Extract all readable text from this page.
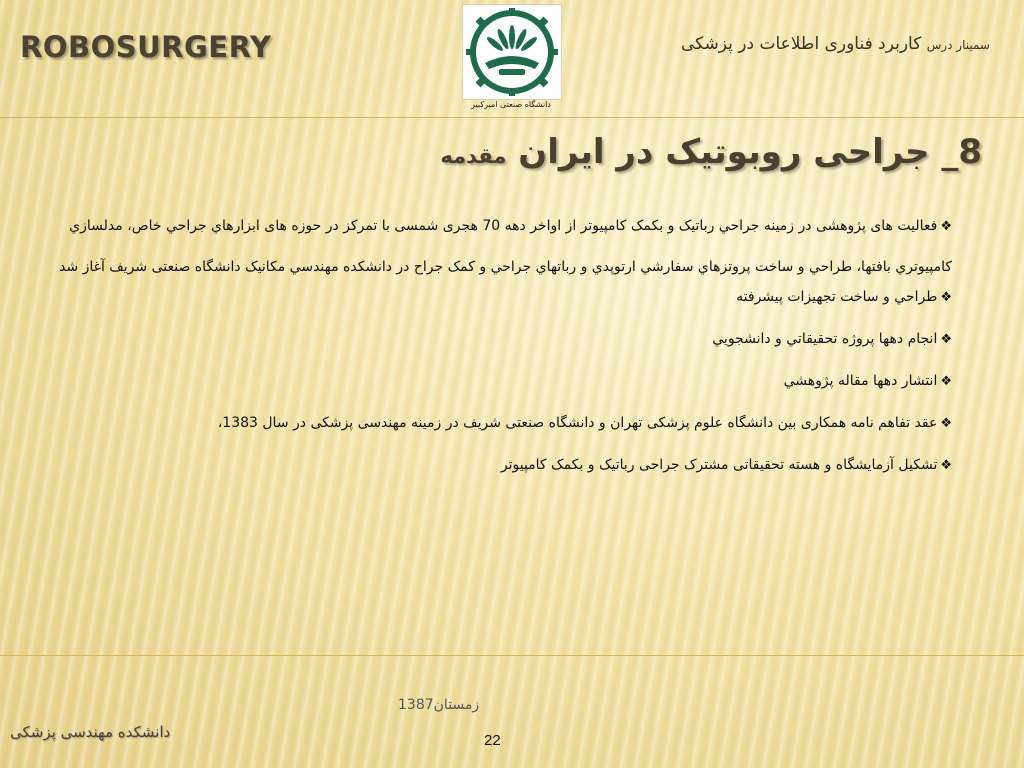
ROBOSURGERY	سمینار درس کاربرد فناوری اطلاعات در پزشکی
دانشگاه صنعتی امیرکبیر
8_ جراحی روبوتیک در ایران مقدمه

❖فعاليت های پژوهشی در زمینه جراحي رباتيک و بکمک کامپیوتر از اواخر دهه 70 هجری شمسی با تمرکز در حوزه های ابزارهاي جراحي خاص، مدلسازي کامپيوتري بافتها، طراحي و ساخت پروتزهاي سفارشي ارتوپدي و رباتهاي جراحي و کمک جراح در دانشکده مهندسي مکانيک دانشگاه صنعتی شریف آغاز شد

❖طراحي و ساخت تجهيزات پيشرفته

❖انجام دهها پروژه تحقيقاتي و دانشجويي

❖انتشار دهها مقاله پژوهشي

❖عقد تفاهم نامه همکاری بین دانشگاه علوم پزشکی تهران و دانشگاه صنعتی شریف در زمینه مهندسی پزشکی در سال 1383،

❖تشکیل آزمایشگاه و هسته تحقیقاتی مشترک جراحی رباتیک و بکمک کامپیوتر

زمستان1387
دانشکده مهندسی پزشکی	22
